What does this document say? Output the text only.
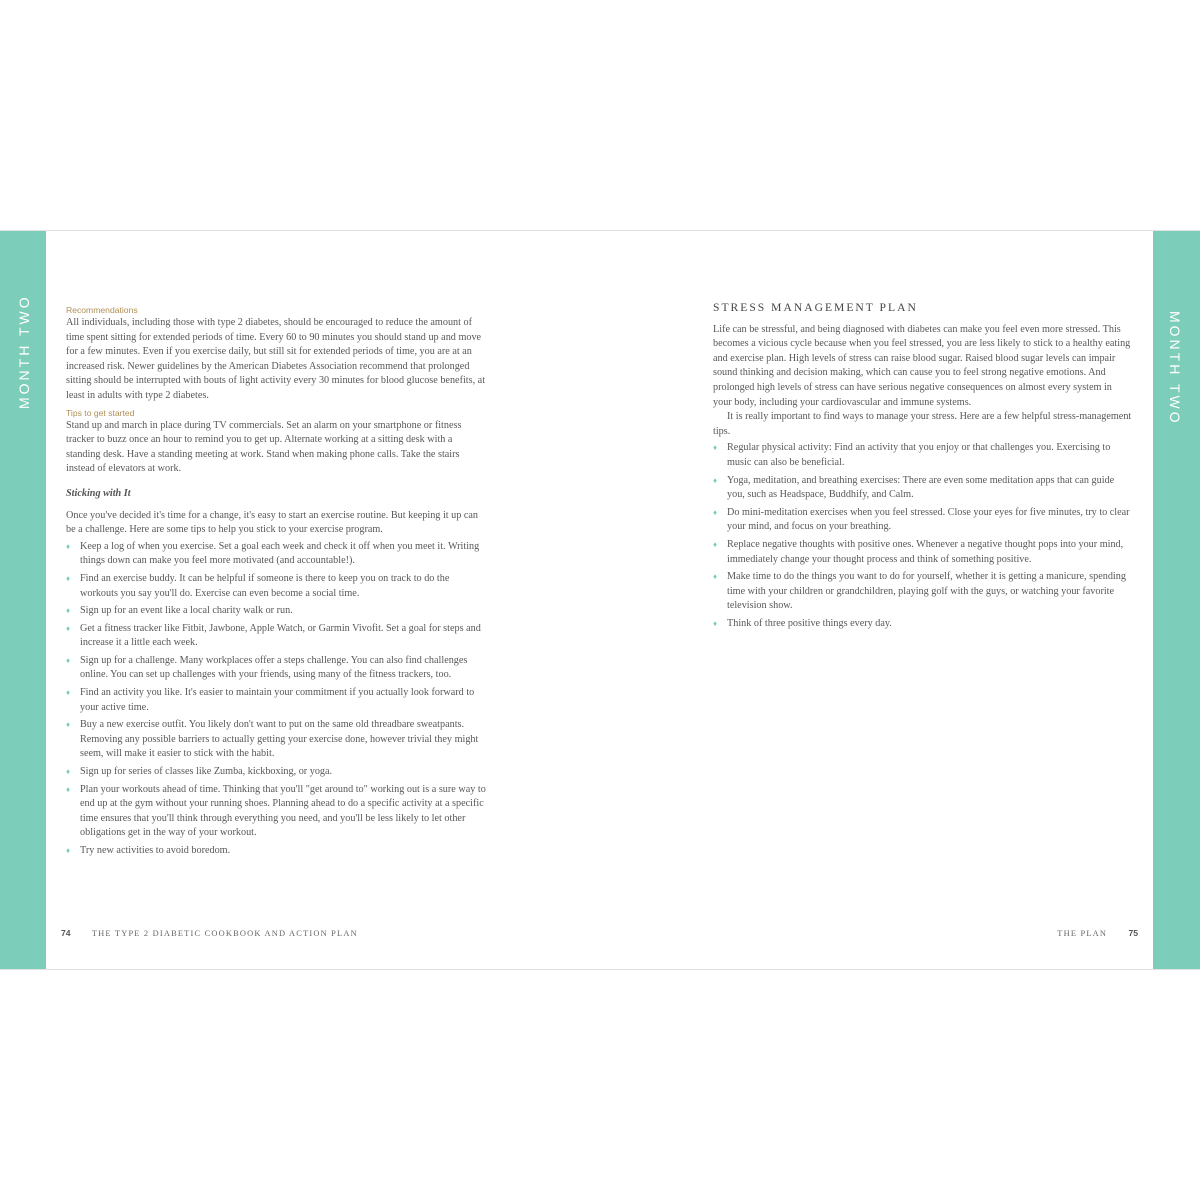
MONTH TWO	MONTH TWO
Recommendations

All individuals, including those with type 2 diabetes, should be encouraged to reduce the amount of time spent sitting for extended periods of time. Every 60 to 90 minutes you should stand up and move for a few minutes. Even if you exercise daily, but still sit for extended periods of time, you are at an increased risk. Newer guidelines by the American Diabetes Association recommend that prolonged sitting should be interrupted with bouts of light activity every 30 minutes for blood glucose benefits, at least in adults with type 2 diabetes.

Tips to get started

Stand up and march in place during TV commercials. Set an alarm on your smartphone or fitness tracker to buzz once an hour to remind you to get up. Alternate working at a sitting desk with a standing desk. Have a standing meeting at work. Stand when making phone calls. Take the stairs instead of elevators at work.

Sticking with It

Once you've decided it's time for a change, it's easy to start an exercise routine. But keeping it up can be a challenge. Here are some tips to help you stick to your exercise program.

♦ Keep a log of when you exercise. Set a goal each week and check it off when you meet it. Writing things down can make you feel more motivated (and accountable!).
♦ Find an exercise buddy. It can be helpful if someone is there to keep you on track to do the workouts you say you'll do. Exercise can even become a social time.
♦ Sign up for an event like a local charity walk or run.
♦ Get a fitness tracker like Fitbit, Jawbone, Apple Watch, or Garmin Vivofit. Set a goal for steps and increase it a little each week.
♦ Sign up for a challenge. Many workplaces offer a steps challenge. You can also find challenges online. You can set up challenges with your friends, using many of the fitness trackers, too.
♦ Find an activity you like. It's easier to maintain your commitment if you actually look forward to your active time.
♦ Buy a new exercise outfit. You likely don't want to put on the same old threadbare sweatpants. Removing any possible barriers to actually getting your exercise done, however trivial they might seem, will make it easier to stick with the habit.
♦ Sign up for series of classes like Zumba, kickboxing, or yoga.
♦ Plan your workouts ahead of time. Thinking that you'll "get around to" working out is a sure way to end up at the gym without your running shoes. Planning ahead to do a specific activity at a specific time ensures that you'll think through everything you need, and you'll be less likely to let other obligations get in the way of your workout.
♦ Try new activities to avoid boredom.
STRESS MANAGEMENT PLAN

Life can be stressful, and being diagnosed with diabetes can make you feel even more stressed. This becomes a vicious cycle because when you feel stressed, you are less likely to stick to a healthy eating and exercise plan. High levels of stress can raise blood sugar. Raised blood sugar levels can impair sound thinking and decision making, which can cause you to feel strong negative emotions. And prolonged high levels of stress can have serious negative consequences on almost every system in your body, including your cardiovascular and immune systems.

It is really important to find ways to manage your stress. Here are a few helpful stress-management tips.

♦ Regular physical activity: Find an activity that you enjoy or that challenges you. Exercising to music can also be beneficial.
♦ Yoga, meditation, and breathing exercises: There are even some meditation apps that can guide you, such as Headspace, Buddhify, and Calm.
♦ Do mini-meditation exercises when you feel stressed. Close your eyes for five minutes, try to clear your mind, and focus on your breathing.
♦ Replace negative thoughts with positive ones. Whenever a negative thought pops into your mind, immediately change your thought process and think of something positive.
♦ Make time to do the things you want to do for yourself, whether it is getting a manicure, spending time with your children or grandchildren, playing golf with the guys, or watching your favorite television show.
♦ Think of three positive things every day.
74	THE TYPE 2 DIABETIC COOKBOOK AND ACTION PLAN	THE PLAN 75
